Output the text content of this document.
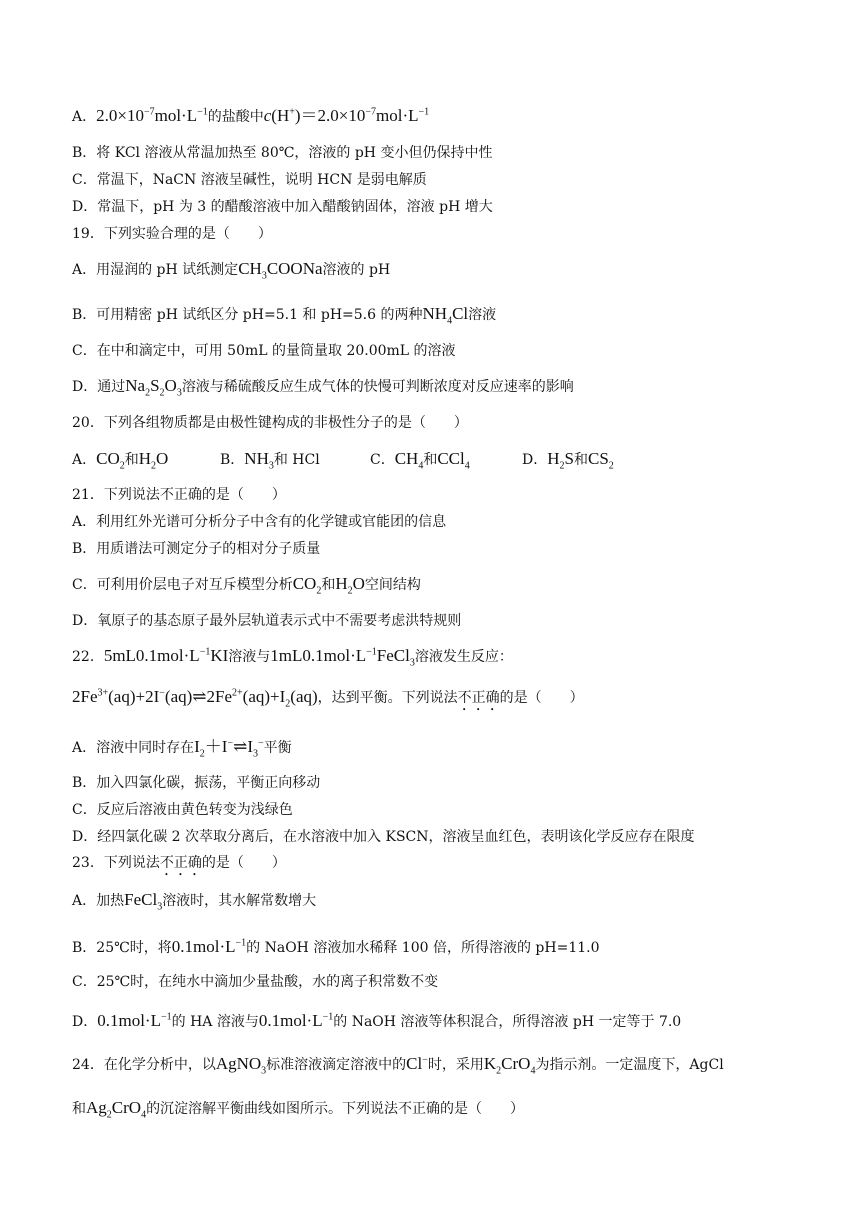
A．$2.0\times 10^{-7}mol\cdot L^{-1}$的盐酸中$c(H^+)=2.0\times 10^{-7}mol\cdot L^{-1}$
B．将 KCl 溶液从常温加热至 80℃，溶液的 pH 变小但仍保持中性
C．常温下，NaCN 溶液呈碱性，说明 HCN 是弱电解质
D．常温下，pH 为 3 的醋酸溶液中加入醋酸钠固体，溶液 pH 增大
19．下列实验合理的是（　　）
A．用湿润的 pH 试纸测定$CH_3COONa$溶液的 pH
B．可用精密 pH 试纸区分 pH=5.1 和 pH=5.6 的两种$NH_4Cl$溶液
C．在中和滴定中，可用 50mL 的量筒量取 20.00mL 的溶液
D．通过$Na_2S_2O_3$溶液与稀硫酸反应生成气体的快慢可判断浓度对反应速率的影响
20．下列各组物质都是由极性键构成的非极性分子的是（　　）
A．$CO_2$和$H_2O$	B．$NH_3$和 HCl	C．$CH_4$和CCl$_4$	D．$H_2S$和$CS_2$
21．下列说法不正确的是（　　）
A．利用红外光谱可分析分子中含有的化学键或官能团的信息
B．用质谱法可测定分子的相对分子质量
C．可利用价层电子对互斥模型分析$CO_2$和$H_2O$空间结构
D．氧原子的基态原子最外层轨道表示式中不需要考虑洪特规则
22．$5mL0.1mol\cdot L^{-1}KI$溶液与$1mL0.1mol\cdot L^{-1}FeCl_3$溶液发生反应：
$2Fe^{3+}(aq)+2I^-(aq)\rightleftharpoons 2Fe^{2+}(aq)+I_2(aq)$，达到平衡。下列说法不正确的是（　　）
A．溶液中同时存在$I_2+I^-\rightleftharpoons I_3^-$平衡
B．加入四氯化碳，振荡，平衡正向移动
C．反应后溶液由黄色转变为浅绿色
D．经四氯化碳 2 次萃取分离后，在水溶液中加入 KSCN，溶液呈血红色，表明该化学反应存在限度
23．下列说法不正确的是（　　）
A．加热FeCl$_3$溶液时，其水解常数增大
B．25℃时，将$0.1mol\cdot L^{-1}$的 NaOH 溶液加水稀释 100 倍，所得溶液的 pH=11.0
C．25℃时，在纯水中滴加少量盐酸，水的离子积常数不变
D．$0.1mol\cdot L^{-1}$的 HA 溶液与$0.1mol\cdot L^{-1}$的 NaOH 溶液等体积混合，所得溶液 pH 一定等于 7.0
24．在化学分析中，以AgNO$_3$标准溶液滴定溶液中的Cl−时，采用$K_2CrO_4$为指示剂。一定温度下，AgCl
和$Ag_2CrO_4$的沉淀溶解平衡曲线如图所示。下列说法不正确的是（　　）
